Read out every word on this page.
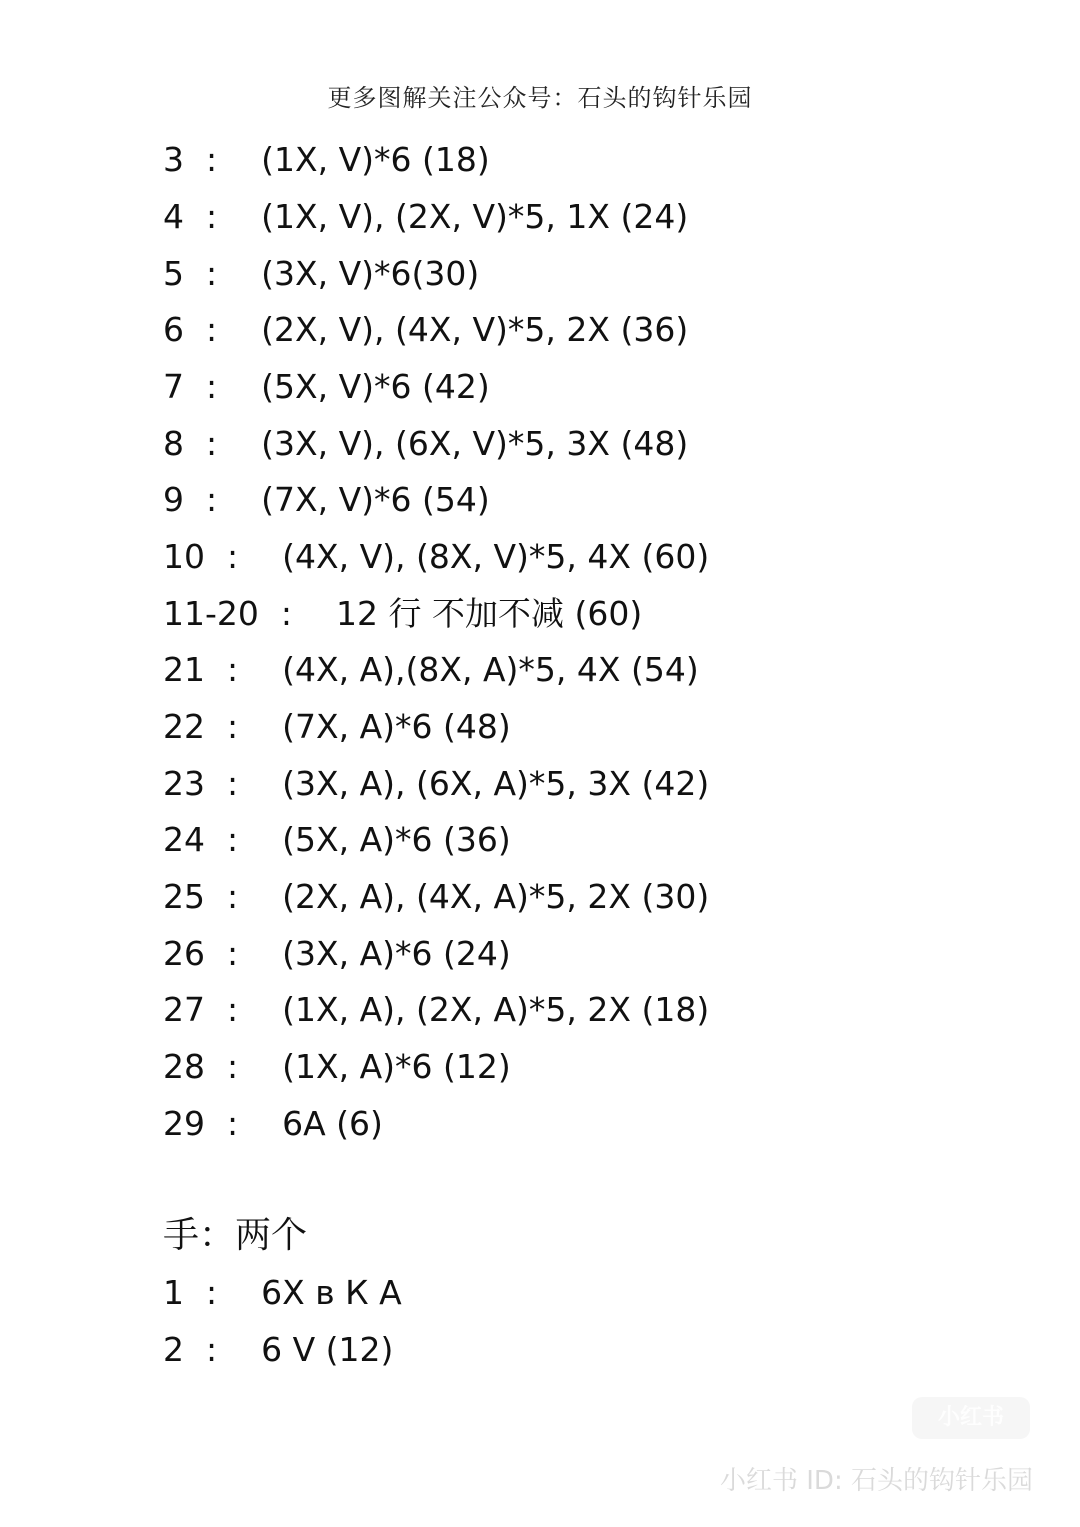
更多图解关注公众号：石头的钩针乐园
3 : (1X, V)*6 (18)
4 : (1X, V), (2X, V)*5, 1X (24)
5 : (3X, V)*6(30)
6 : (2X, V), (4X, V)*5, 2X (36)
7 : (5X, V)*6 (42)
8 : (3X, V), (6X, V)*5, 3X (48)
9 : (7X, V)*6 (54)
10 : (4X, V), (8X, V)*5, 4X (60)
11-20 : 12 行 不加不减 (60)
21 : (4X, A),(8X, A)*5, 4X (54)
22 : (7X, A)*6 (48)
23 : (3X, A), (6X, A)*5, 3X (42)
24 : (5X, A)*6 (36)
25 : (2X, A), (4X, A)*5, 2X (30)
26 : (3X, A)*6 (24)
27 : (1X, A), (2X, A)*5, 2X (18)
28 : (1X, A)*6 (12)
29 : 6A (6)
手：两个
1 : 6X в К А
2 : 6 V (12)
小红书
小红书 ID: 石头的钩针乐园
